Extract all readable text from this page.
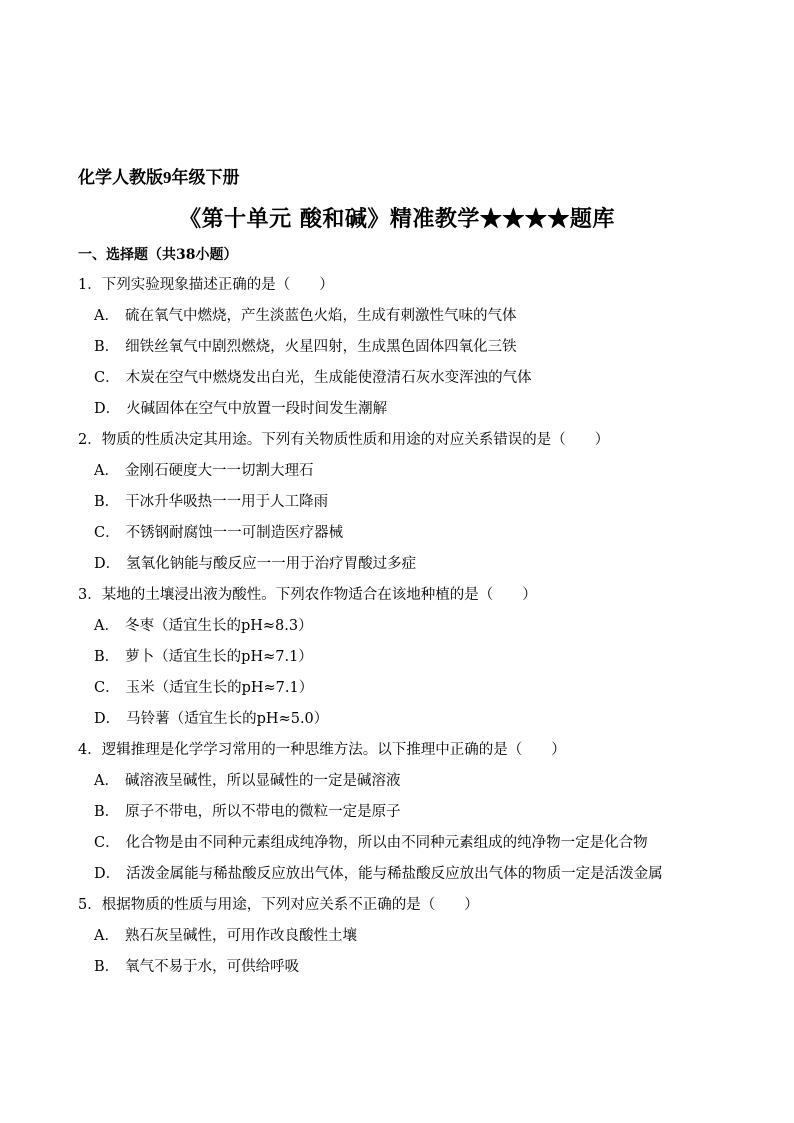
化学人教版9年级下册
《第十单元 酸和碱》精准教学★★★★题库
一、选择题（共38小题）
1．下列实验现象描述正确的是（　　）
A． 硫在氧气中燃烧，产生淡蓝色火焰，生成有刺激性气味的气体
B． 细铁丝氧气中剧烈燃烧，火星四射，生成黑色固体四氧化三铁
C． 木炭在空气中燃烧发出白光，生成能使澄清石灰水变浑浊的气体
D． 火碱固体在空气中放置一段时间发生潮解
2．物质的性质决定其用途。下列有关物质性质和用途的对应关系错误的是（　　）
A． 金刚石硬度大一一切割大理石
B． 干冰升华吸热一一用于人工降雨
C． 不锈钢耐腐蚀一一可制造医疗器械
D． 氢氧化钠能与酸反应一一用于治疗胃酸过多症
3．某地的土壤浸出液为酸性。下列农作物适合在该地种植的是（　　）
A． 冬枣（适宜生长的pH≈8.3）
B． 萝卜（适宜生长的pH≈7.1）
C． 玉米（适宜生长的pH≈7.1）
D． 马铃薯（适宜生长的pH≈5.0）
4．逻辑推理是化学学习常用的一种思维方法。以下推理中正确的是（　　）
A． 碱溶液呈碱性，所以显碱性的一定是碱溶液
B． 原子不带电，所以不带电的微粒一定是原子
C． 化合物是由不同种元素组成纯净物，所以由不同种元素组成的纯净物一定是化合物
D． 活泼金属能与稀盐酸反应放出气体，能与稀盐酸反应放出气体的物质一定是活泼金属
5．根据物质的性质与用途，下列对应关系不正确的是（　　）
A． 熟石灰呈碱性，可用作改良酸性土壤
B． 氧气不易于水，可供给呼吸
